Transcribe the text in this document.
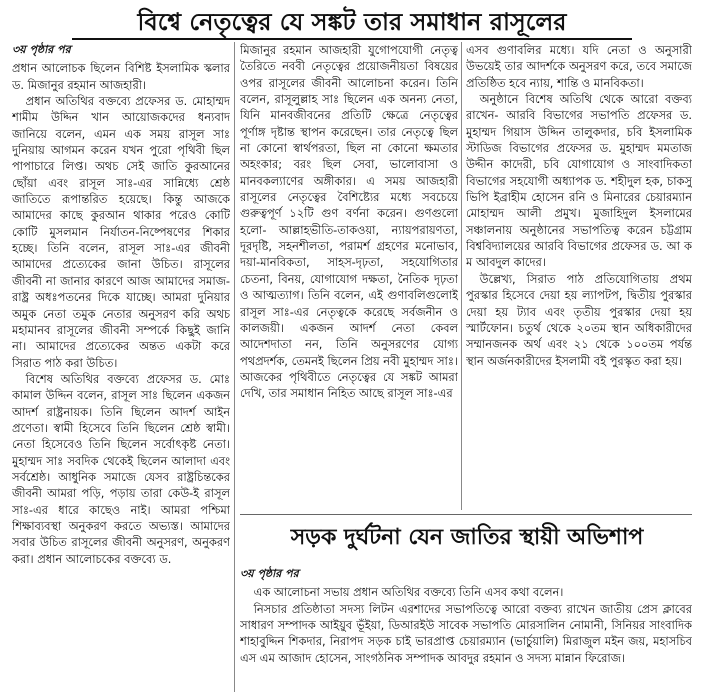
বিশ্বে নেতৃত্বের যে সঙ্কট তার সমাধান রাসূলের
৩য় পৃষ্ঠার পর

প্রধান আলোচক ছিলেন বিশিষ্ট ইসলামিক স্কলার ড. মিজানুর রহমান আজহারী।

প্রধান অতিথির বক্তব্যে প্রফেসর ড. মোহাম্মদ শামীম উদ্দিন খান আয়োজকদের ধন্যবাদ জানিয়ে বলেন, এমন এক সময় রাসূল সাঃ দুনিয়ায় আগমন করেন যখন পুরো পৃথিবী ছিল পাপাচারে লিপ্ত। অথচ সেই জাতি কুরআনের ছোঁয়া এবং রাসূল সাঃ-এর সান্নিধ্যে শ্রেষ্ঠ জাতিতে রূপান্তরিত হয়েছে। কিন্তু আজকে আমাদের কাছে কুরআন থাকার পরেও কোটি কোটি মুসলমান নির্যাতন-নিষ্পেষণের শিকার হচ্ছে। তিনি বলেন, রাসূল সাঃ-এর জীবনী আমাদের প্রত্যেকের জানা উচিত। রাসূলের জীবনী না জানার কারণে আজ আমাদের সমাজ-রাষ্ট্র অধঃপতনের দিকে যাচ্ছে। আমরা দুনিয়ার অমুক নেতা তমুক নেতার অনুসরণ করি অথচ মহামানব রাসূলের জীবনী সম্পর্কে কিছুই জানি না। আমাদের প্রত্যেকের অন্তত একটা করে সিরাত পাঠ করা উচিত।

বিশেষ অতিথির বক্তব্যে প্রফেসর ড. মোঃ কামাল উদ্দিন বলেন, রাসূল সাঃ ছিলেন একজন আদর্শ রাষ্ট্রনায়ক। তিনি ছিলেন আদর্শ আইন প্রণেতা। স্বামী হিসেবে তিনি ছিলেন শ্রেষ্ঠ স্বামী। নেতা হিসেবেও তিনি ছিলেন সর্বোৎকৃষ্ট নেতা। মুহাম্মদ সাঃ সবদিক থেকেই ছিলেন আলাদা এবং সর্বশ্রেষ্ঠ। আধুনিক সমাজে যেসব রাষ্ট্রচিন্তকের জীবনী আমরা পড়ি, পড়ায় তারা কেউ-ই রাসূল সাঃ-এর ধারে কাছেও নাই। আমরা পশ্চিমা শিক্ষাব্যবস্থা অনুকরণ করতে অভ্যস্ত। আমাদের সবার উচিত রাসূলের জীবনী অনুসরণ, অনুকরণ করা। প্রধান আলোচকের বক্তব্যে ড.

মিজানুর রহমান আজহারী যুগোপযোগী নেতৃত্ব তৈরিতে নববী নেতৃত্বের প্রয়োজনীয়তা বিষয়ের ওপর রাসূলের জীবনী আলোচনা করেন। তিনি বলেন, রাসূলুল্লাহ সাঃ ছিলেন এক অনন্য নেতা, যিনি মানবজীবনের প্রতিটি ক্ষেত্রে নেতৃত্বের পূর্ণাঙ্গ দৃষ্টান্ত স্থাপন করেছেন। তার নেতৃত্বে ছিল না কোনো স্বার্থপরতা, ছিল না কোনো ক্ষমতার অহংকার; বরং ছিল সেবা, ভালোবাসা ও মানবকল্যাণের অঙ্গীকার। এ সময় আজহারী রাসূলের নেতৃত্বের বৈশিষ্ট্যের মধ্যে সবচেয়ে গুরুত্বপূর্ণ ১২টি গুণ বর্ণনা করেন। গুণগুলো হলো- আল্লাহভীতি-তাকওয়া, ন্যায়পরায়ণতা, দূরদৃষ্টি, সহনশীলতা, পরামর্শ গ্রহণের মনোভাব, দয়া-মানবিকতা, সাহস-দৃঢ়তা, সহযোগিতার চেতনা, বিনয়, যোগাযোগ দক্ষতা, নৈতিক দৃঢ়তা ও আত্মত্যাগ। তিনি বলেন, এই গুণাবলিগুলোই রাসূল সাঃ-এর নেতৃত্বকে করেছে সর্বজনীন ও কালজয়ী। একজন আদর্শ নেতা কেবল আদেশদাতা নন, তিনি অনুসরণের যোগ্য পথপ্রদর্শক, তেমনই ছিলেন প্রিয় নবী মুহাম্মদ সাঃ। আজকের পৃথিবীতে নেতৃত্বের যে সঙ্কট আমরা দেখি, তার সমাধান নিহিত আছে রাসূল সাঃ-এর

এসব গুণাবলির মধ্যে। যদি নেতা ও অনুসারী উভয়েই তার আদর্শকে অনুসরণ করে, তবে সমাজে প্রতিষ্ঠিত হবে ন্যায়, শান্তি ও মানবিকতা।

অনুষ্ঠানে বিশেষ অতিথি থেকে আরো বক্তব্য রাখেন- আরবি বিভাগের সভাপতি প্রফেসর ড. মুহাম্মদ গিয়াস উদ্দিন তালুকদার, চবি ইসলামিক স্টাডিজ বিভাগের প্রফেসর ড. মুহাম্মদ মমতাজ উদ্দীন কাদেরী, চবি যোগাযোগ ও সাংবাদিকতা বিভাগের সহযোগী অধ্যাপক ড. শহীদুল হক, চাকসু ভিপি ইব্রাহীম হোসেন রনি ও মিনারের চেয়ারম্যান মোহাম্মদ আলী প্রমুখ। মুজাহিদুল ইসলামের সঞ্চালনায় অনুষ্ঠানের সভাপতিত্ব করেন চট্টগ্রাম বিশ্ববিদ্যালয়ের আরবি বিভাগের প্রফেসর ড. আ ক ম আবদুল কাদের।

উল্লেখ্য, সিরাত পাঠ প্রতিযোগিতায় প্রথম পুরস্কার হিসেবে দেয়া হয় ল্যাপটপ, দ্বিতীয় পুরস্কার দেয়া হয় ট্যাব এবং তৃতীয় পুরস্কার দেয়া হয় স্মার্টফোন। চতুর্থ থেকে ২০তম স্থান অধিকারীদের সম্মানজনক অর্থ এবং ২১ থেকে ১০০তম পর্যন্ত স্থান অর্জনকারীদের ইসলামী বই পুরস্কৃত করা হয়।

সড়ক দুর্ঘটনা যেন জাতির স্থায়ী অভিশাপ
৩য় পৃষ্ঠার পর

এক আলোচনা সভায় প্রধান অতিথির বক্তব্যে তিনি এসব কথা বলেন।

নিসচার প্রতিষ্ঠাতা সদস্য লিটন এরশাদের সভাপতিত্বে আরো বক্তব্য রাখেন জাতীয় প্রেস ক্লাবের সাধারণ সম্পাদক আইয়ুব ভূঁইয়া, ডিআরইউ সাবেক সভাপতি মোরসালিন নোমানী, সিনিয়র সাংবাদিক শাহাবুদ্দিন শিকদার, নিরাপদ সড়ক চাই ভারপ্রাপ্ত চেয়ারম্যান (ভার্চুয়ালি) মিরাজুল মইন জয়, মহাসচিব এস এম আজাদ হোসেন, সাংগঠনিক সম্পাদক আবদুর রহমান ও সদস্য মান্নান ফিরোজ।
